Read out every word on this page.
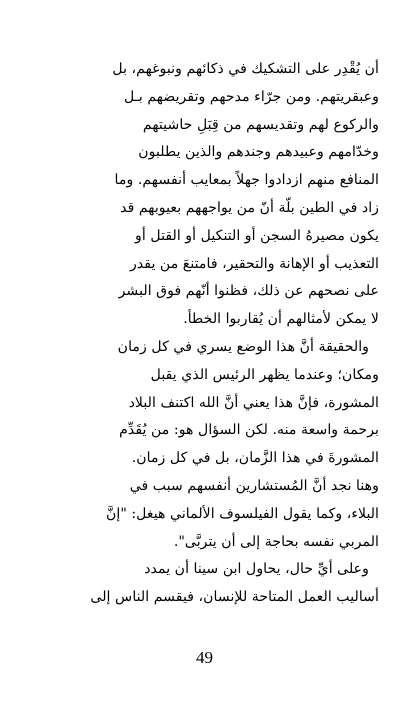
أن يُقْدِر على التشكيك في ذكائهم ونبوغهم، بل
وعبقريتهم. ومن جرّاء مدحهم وتقريضهم بـل
والركوع لهم وتقديسهم من قِبَلِ حاشيتهم
وخدّامهم وعبيدهم وجندهم والذين يطلبون
المنافع منهم ازدادوا جهلاً بمعايب أنفسهم. وما
زاد في الطين بلّة أنّ من يواجههم بعيوبهم قد
يكون مصيرهُ السجن أو التنكيل أو القتل أو
التعذيب أو الإهانة والتحقير، فامتنعَ من يقدر
على نصحهم عن ذلك، فظنوا أنّهم فوق البشر
لا يمكن لأمثالهم أن يُقاربوا الخطأ.

والحقيقة أنَّ هذا الوضع يسري في كل زمان
ومكان؛ وعندما يظهر الرئيس الذي يقبل
المشورة، فإنَّ هذا يعني أنَّ الله اكتنف البلاد
برحمة واسعة منه. لكن السؤال هو: من يُقَدِّم
المشورةَ في هذا الزَّمان، بل في كل زمان.
وهنا نجد أنَّ المُستشارين أنفسهم سبب في
البلاء، وكما يقول الفيلسوف الألماني هيغل: "إنَّ
المربي نفسه بحاجة إلى أن يتربَّى".

وعلى أيِّ حال، يحاول ابن سينا أن يمدد
أساليب العمل المتاحة للإنسان، فيقسم الناس إلى

49
